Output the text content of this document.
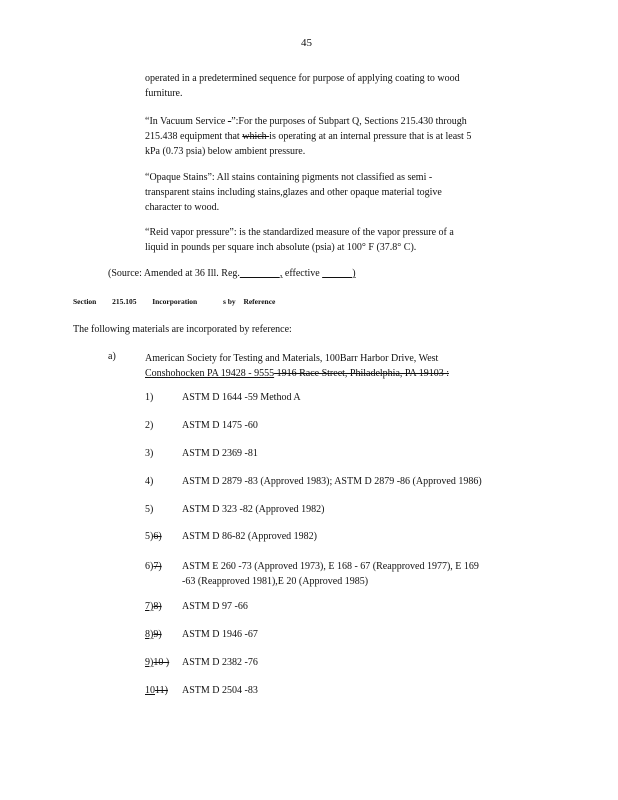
45
operated in a predetermined sequence for purpose of applying coating to wood
furniture.
“In Vacuum Service -”:For the purposes of Subpart Q, Sections 215.430 through
215.438 equipment that which is operating at an internal pressure that is at least 5
kPa (0.73 psia) below ambient pressure.
“Opaque Stains”: All stains containing pigments not classified as semi -
transparent stains including stains,glazes and other opaque material togive
character to wood.
“Reid vapor pressure”: is the standardized measure of the vapor pressure of a
liquid in pounds per square inch absolute (psia) at 100° F (37.8° C).
(Source: Amended at 36 Ill. Reg.________, effective ______)
Section 215.105 Incorporation	s by Reference
The following materials are incorporated by reference:
a)	American Society for Testing and Materials, 100Barr Harbor Drive, West
Conshohocken PA 19428 - 9555 1916 Race Street, Philadelphia, PA 19103 :
1)	ASTM D 1644 -59 Method A
2)	ASTM D 1475 -60
3)	ASTM D 2369 -81
4)	ASTM D 2879 -83 (Approved 1983); ASTM D 2879 -86 (Approved 1986)
5)	ASTM D 323 -82 (Approved 1982)
5)6) ASTM D 86-82 (Approved 1982)
6)7) ASTM E 260 -73 (Approved 1973), E 168 - 67 (Reapproved 1977), E 169
-63 (Reapproved 1981),E 20 (Approved 1985)
7)8) ASTM D 97 -66
8)9) ASTM D 1946 -67
9)10 ) ASTM D 2382 -76
1011) ASTM D 2504 -83
